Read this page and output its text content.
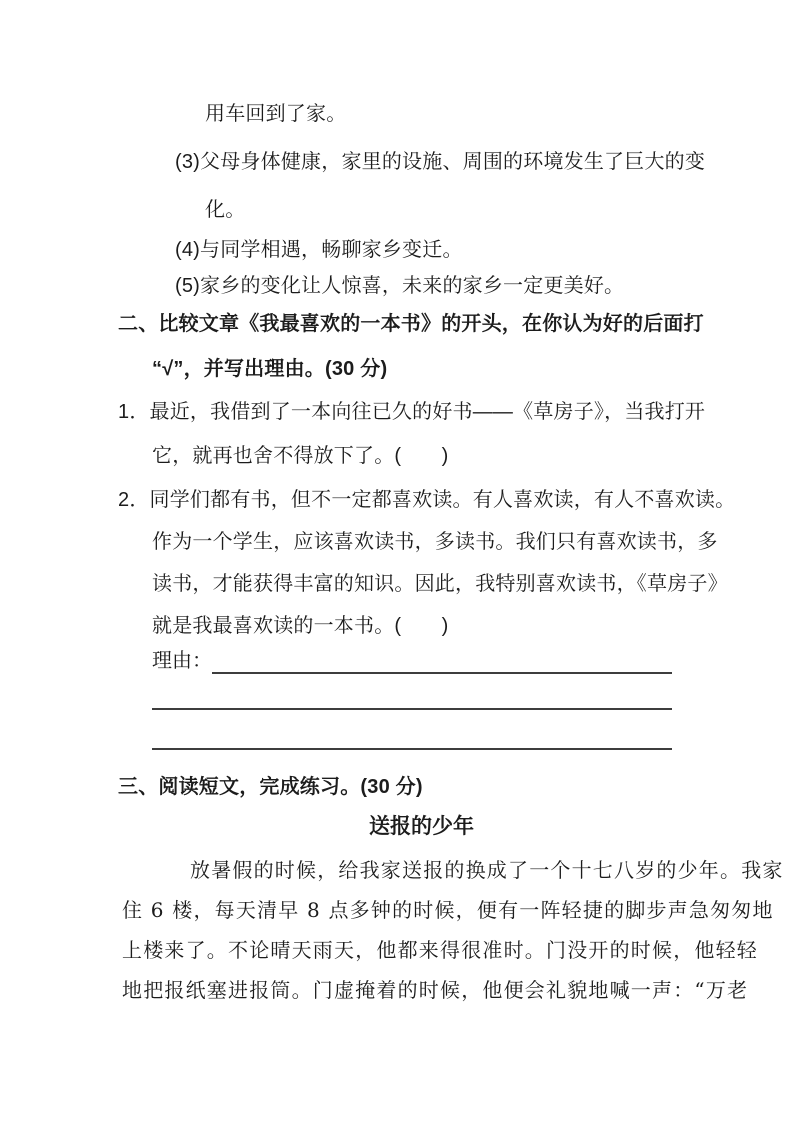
用车回到了家。
(3)父母身体健康，家里的设施、周围的环境发生了巨大的变
化。
(4)与同学相遇，畅聊家乡变迁。
(5)家乡的变化让人惊喜，未来的家乡一定更美好。
二、比较文章《我最喜欢的一本书》的开头，在你认为好的后面打
“√”，并写出理由。(30 分)
1．最近，我借到了一本向往已久的好书——《草房子》，当我打开
它，就再也舍不得放下了。(　　)
2．同学们都有书，但不一定都喜欢读。有人喜欢读，有人不喜欢读。
作为一个学生，应该喜欢读书，多读书。我们只有喜欢读书，多
读书，才能获得丰富的知识。因此，我特别喜欢读书，《草房子》
就是我最喜欢读的一本书。(　　)
理由：
三、阅读短文，完成练习。(30 分)
送报的少年
放暑假的时候，给我家送报的换成了一个十七八岁的少年。我家
住 6 楼，每天清早 8 点多钟的时候，便有一阵轻捷的脚步声急匆匆地
上楼来了。不论晴天雨天，他都来得很准时。门没开的时候，他轻轻
地把报纸塞进报筒。门虚掩着的时候，他便会礼貌地喊一声：“万老
